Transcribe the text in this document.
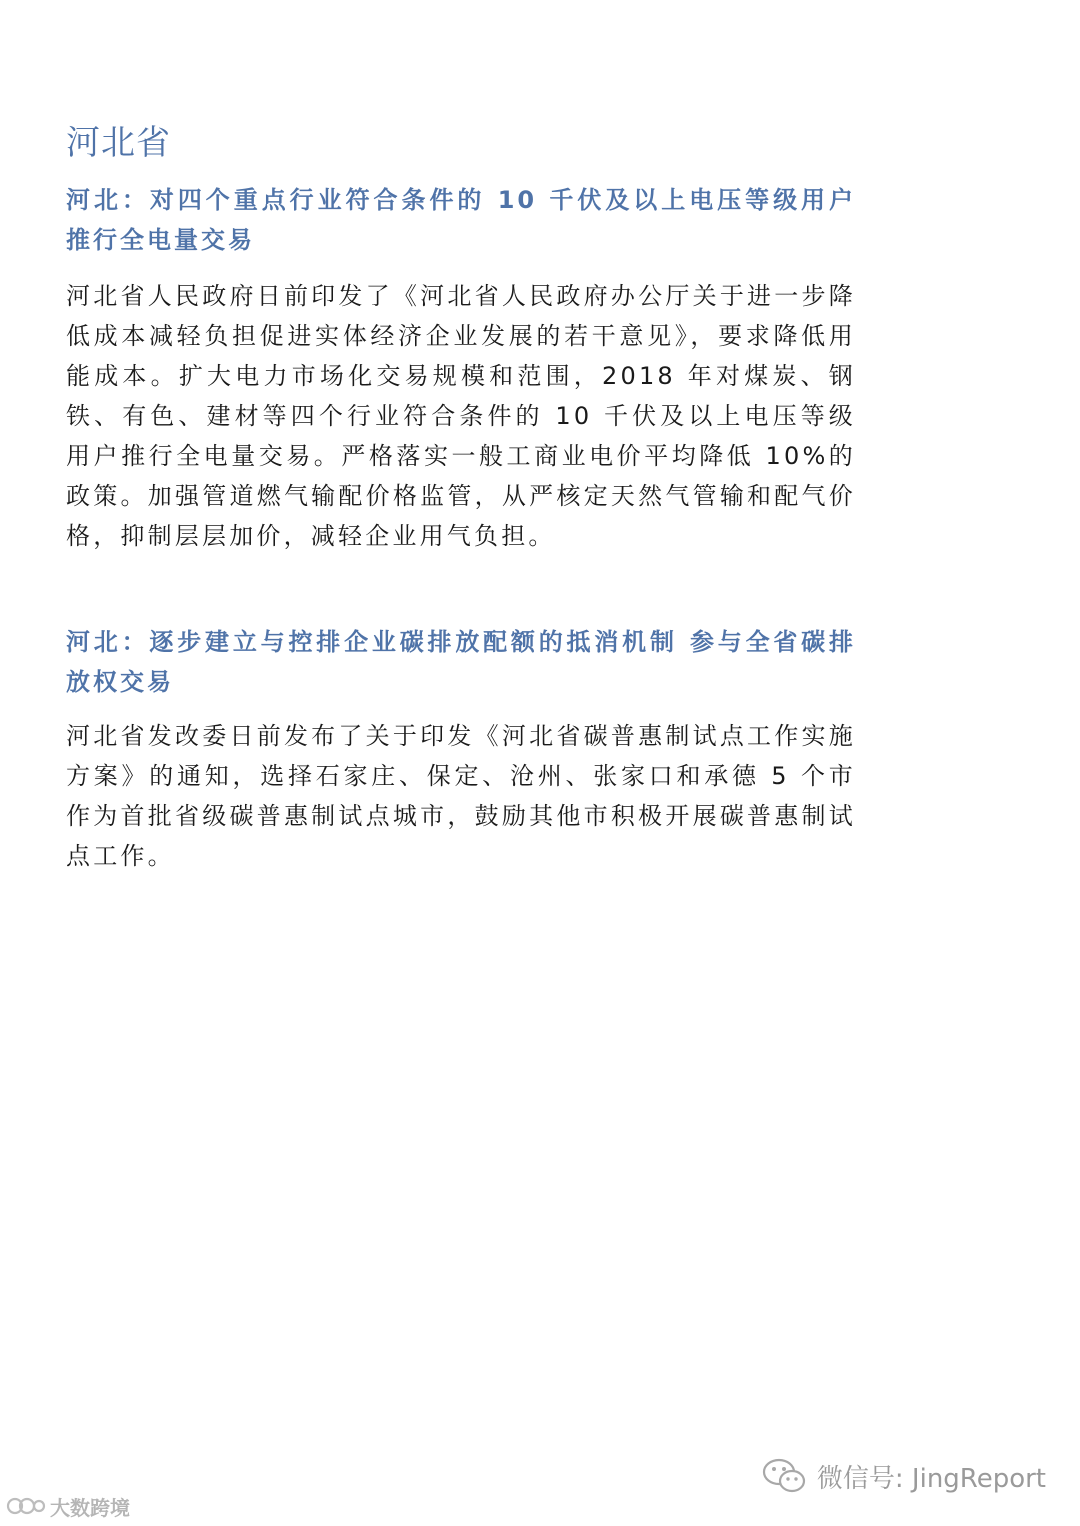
河北省
河北：对四个重点行业符合条件的 10 千伏及以上电压等级用户推行全电量交易
河北省人民政府日前印发了《河北省人民政府办公厅关于进一步降低成本减轻负担促进实体经济企业发展的若干意见》，要求降低用能成本。扩大电力市场化交易规模和范围，2018 年对煤炭、钢铁、有色、建材等四个行业符合条件的 10 千伏及以上电压等级用户推行全电量交易。严格落实一般工商业电价平均降低 10%的政策。加强管道燃气输配价格监管，从严核定天然气管输和配气价格，抑制层层加价，减轻企业用气负担。
河北：逐步建立与控排企业碳排放配额的抵消机制 参与全省碳排放权交易
河北省发改委日前发布了关于印发《河北省碳普惠制试点工作实施方案》的通知，选择石家庄、保定、沧州、张家口和承德 5 个市作为首批省级碳普惠制试点城市，鼓励其他市积极开展碳普惠制试点工作。
微信号: JingReport
大数跨境
